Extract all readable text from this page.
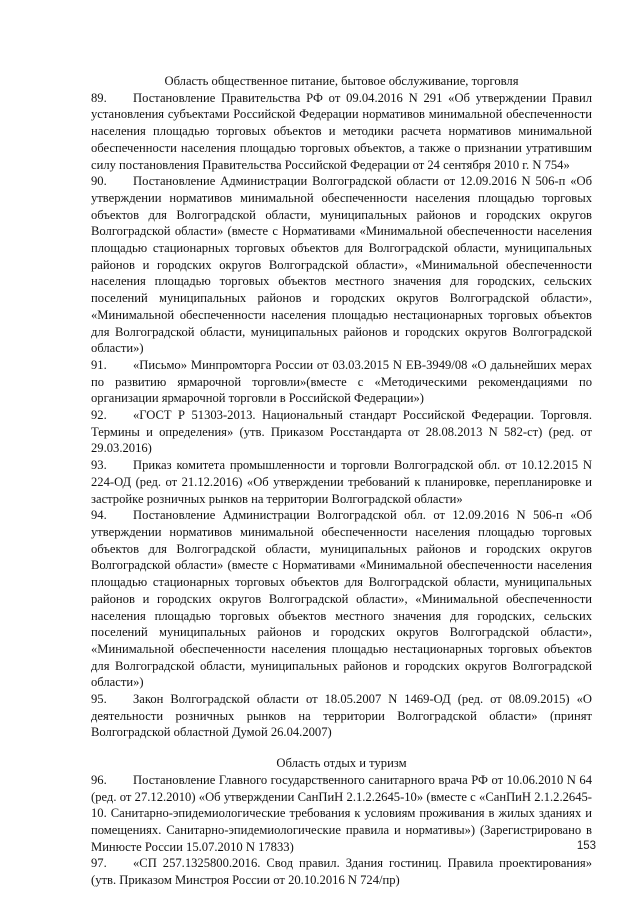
Область общественное питание, бытовое обслуживание, торговля

89. Постановление Правительства РФ от 09.04.2016 N 291 «Об утверждении Правил установления субъектами Российской Федерации нормативов минимальной обеспеченности населения площадью торговых объектов и методики расчета нормативов минимальной обеспеченности населения площадью торговых объектов, а также о признании утратившим силу постановления Правительства Российской Федерации от 24 сентября 2010 г. N 754»

90. Постановление Администрации Волгоградской области от 12.09.2016 N 506-п «Об утверждении нормативов минимальной обеспеченности населения площадью торговых объектов для Волгоградской области, муниципальных районов и городских округов Волгоградской области» (вместе с Нормативами «Минимальной обеспеченности населения площадью стационарных торговых объектов для Волгоградской области, муниципальных районов и городских округов Волгоградской области», «Минимальной обеспеченности населения площадью торговых объектов местного значения для городских, сельских поселений муниципальных районов и городских округов Волгоградской области», «Минимальной обеспеченности населения площадью нестационарных торговых объектов для Волгоградской области, муниципальных районов и городских округов Волгоградской области»)

91. «Письмо» Минпромторга России от 03.03.2015 N ЕВ-3949/08 «О дальнейших мерах по развитию ярмарочной торговли»(вместе с «Методическими рекомендациями по организации ярмарочной торговли в Российской Федерации»)

92. «ГОСТ Р 51303-2013. Национальный стандарт Российской Федерации. Торговля. Термины и определения» (утв. Приказом Росстандарта от 28.08.2013 N 582-ст) (ред. от 29.03.2016)

93. Приказ комитета промышленности и торговли Волгоградской обл. от 10.12.2015 N 224-ОД (ред. от 21.12.2016) «Об утверждении требований к планировке, перепланировке и застройке розничных рынков на территории Волгоградской области»

94. Постановление Администрации Волгоградской обл. от 12.09.2016 N 506-п «Об утверждении нормативов минимальной обеспеченности населения площадью торговых объектов для Волгоградской области, муниципальных районов и городских округов Волгоградской области» (вместе с Нормативами «Минимальной обеспеченности населения площадью стационарных торговых объектов для Волгоградской области, муниципальных районов и городских округов Волгоградской области», «Минимальной обеспеченности населения площадью торговых объектов местного значения для городских, сельских поселений муниципальных районов и городских округов Волгоградской области», «Минимальной обеспеченности населения площадью нестационарных торговых объектов для Волгоградской области, муниципальных районов и городских округов Волгоградской области»)

95. Закон Волгоградской области от 18.05.2007 N 1469-ОД (ред. от 08.09.2015) «О деятельности розничных рынков на территории Волгоградской области» (принят Волгоградской областной Думой 26.04.2007)

Область отдых и туризм

96. Постановление Главного государственного санитарного врача РФ от 10.06.2010 N 64 (ред. от 27.12.2010) «Об утверждении СанПиН 2.1.2.2645-10» (вместе с «СанПиН 2.1.2.2645-10. Санитарно-эпидемиологические требования к условиям проживания в жилых зданиях и помещениях. Санитарно-эпидемиологические правила и нормативы») (Зарегистрировано в Минюсте России 15.07.2010 N 17833)

97. «СП 257.1325800.2016. Свод правил. Здания гостиниц. Правила проектирования» (утв. Приказом Минстроя России от 20.10.2016 N 724/пр)

153
